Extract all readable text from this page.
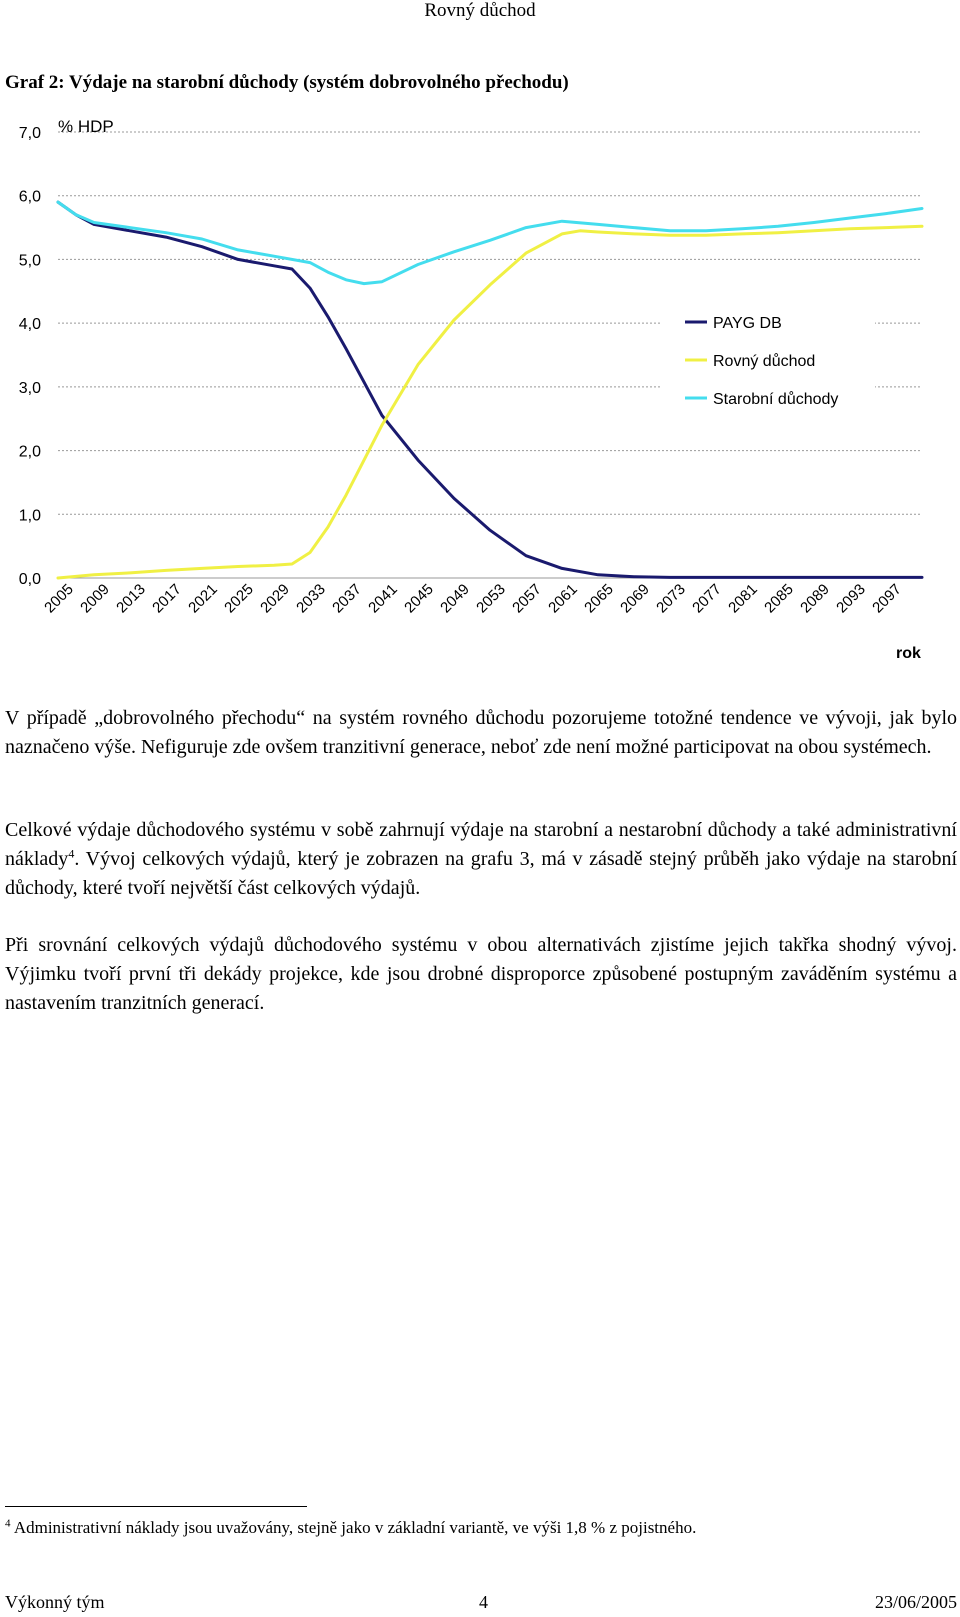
Rovný důchod
Graf 2: Výdaje na starobní důchody (systém dobrovolného přechodu)
0,0
1,0
2,0
3,0
4,0
5,0
6,0
7,0
2005 2009 2013 2017 2021 2025 2029 2033 2037 2041 2045 2049 2053 2057 2061 2065 2069 2073 2077 2081 2085 2089 2093 2097
PAYG DB
Rovný důchod
Starobní důchody
% HDP
rok

V případě „dobrovolného přechodu“ na systém rovného důchodu pozorujeme totožné tendence ve vývoji, jak bylo naznačeno výše. Nefiguruje zde ovšem tranzitivní generace, neboť zde není možné participovat na obou systémech.

Celkové výdaje důchodového systému v sobě zahrnují výdaje na starobní a nestarobní důchody a také administrativní náklady$^4$. Vývoj celkových výdajů, který je zobrazen na grafu 3, má v zásadě stejný průběh jako výdaje na starobní důchody, které tvoří největší část celkových výdajů.

Při srovnání celkových výdajů důchodového systému v obou alternativách zjistíme jejich takřka shodný vývoj. Výjimku tvoří první tři dekády projekce, kde jsou drobné disproporce způsobené postupným zaváděním systému a nastavením tranzitních generací.

$^4$ Administrativní náklady jsou uvažovány, stejně jako v základní variantě, ve výši 1,8 % z pojistného.
Výkonný tým	4	23/06/2005
